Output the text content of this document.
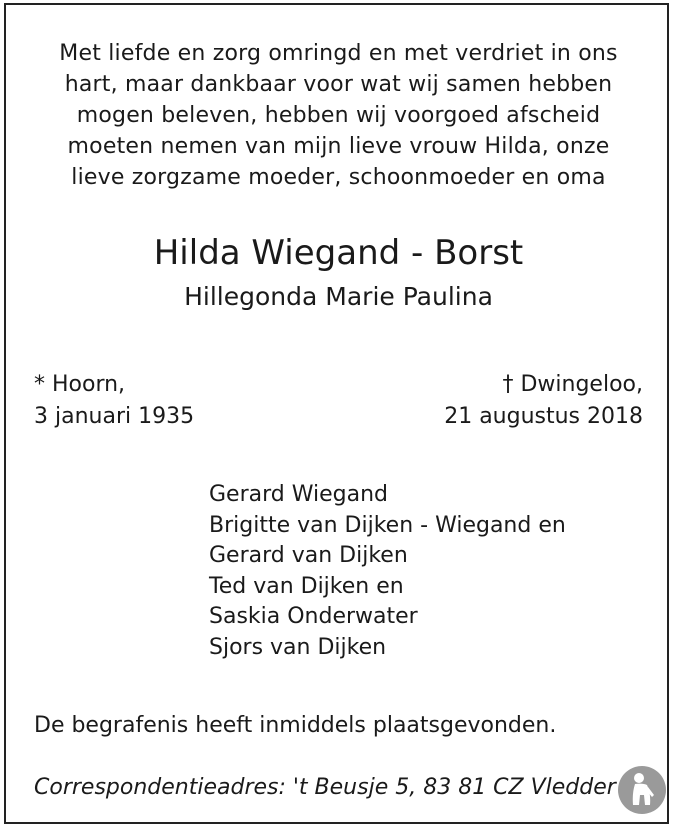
Met liefde en zorg omringd en met verdriet in ons
hart, maar dankbaar voor wat wij samen hebben
mogen beleven, hebben wij voorgoed afscheid
moeten nemen van mijn lieve vrouw Hilda, onze
lieve zorgzame moeder, schoonmoeder en oma
Hilda Wiegand - Borst
Hillegonda Marie Paulina
* Hoorn,
3 januari 1935
† Dwingeloo,
21 augustus 2018
Gerard Wiegand
Brigitte van Dijken - Wiegand en
Gerard van Dijken
Ted van Dijken en
Saskia Onderwater
Sjors van Dijken
De begrafenis heeft inmiddels plaatsgevonden.
Correspondentieadres: 't Beusje 5, 83 81 CZ Vledder
